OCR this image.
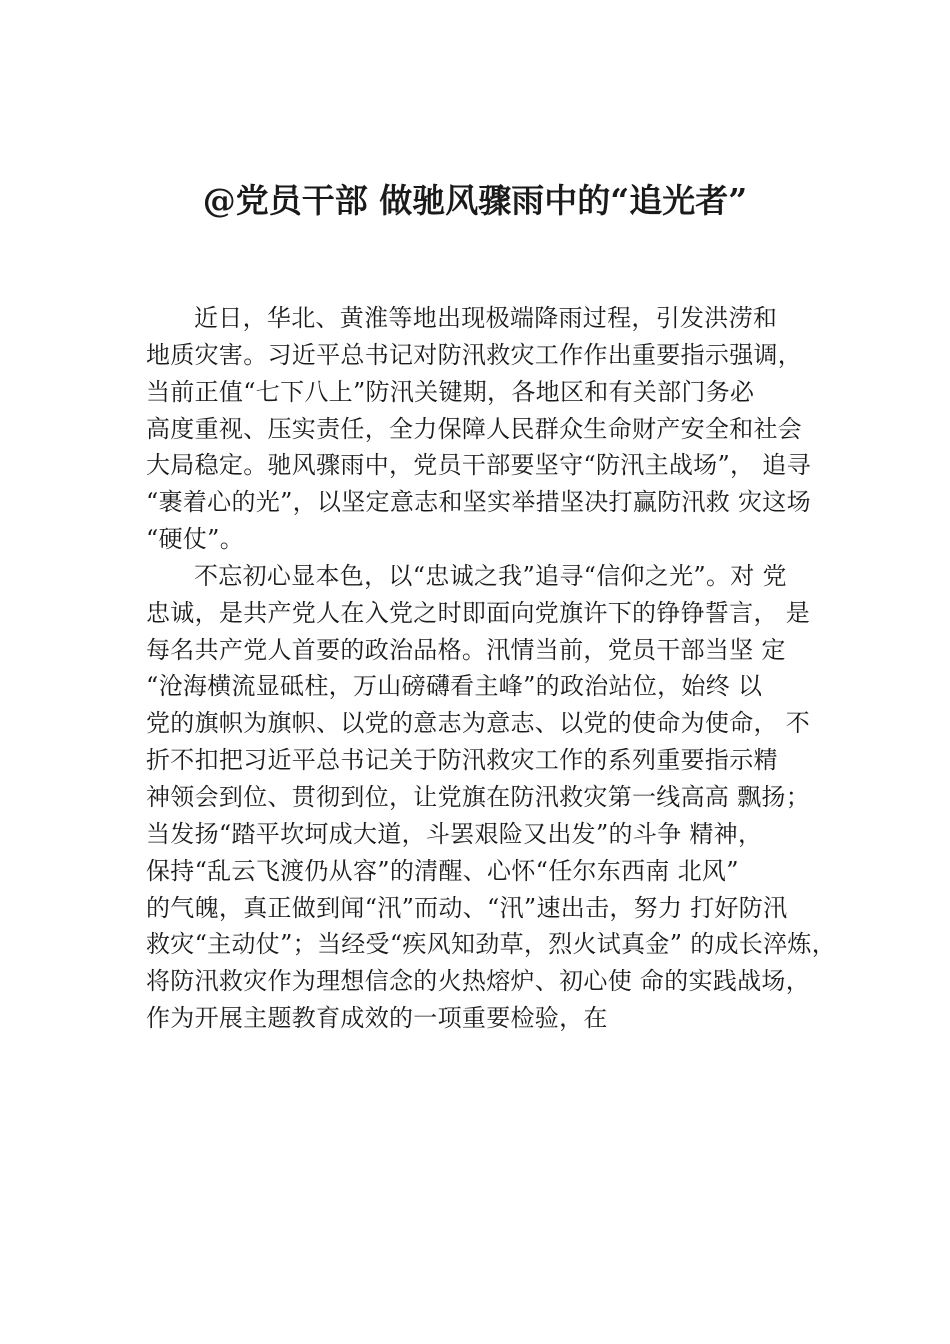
@党员干部 做驰风骤雨中的“追光者”
近日，华北、黄淮等地出现极端降雨过程，引发洪涝和
地质灾害。习近平总书记对防汛救灾工作作出重要指示强调，
当前正值“七下八上”防汛关键期，各地区和有关部门务必
高度重视、压实责任，全力保障人民群众生命财产安全和社会
大局稳定。驰风骤雨中，党员干部要坚守“防汛主战场”， 追寻
“裹着心的光”，以坚定意志和坚实举措坚决打赢防汛救 灾这场
“硬仗”。
不忘初心显本色，以“忠诚之我”追寻“信仰之光”。对 党
忠诚，是共产党人在入党之时即面向党旗许下的铮铮誓言， 是
每名共产党人首要的政治品格。汛情当前，党员干部当坚 定
“沧海横流显砥柱，万山磅礴看主峰”的政治站位，始终 以
党的旗帜为旗帜、以党的意志为意志、以党的使命为使命， 不
折不扣把习近平总书记关于防汛救灾工作的系列重要指示精
神领会到位、贯彻到位，让党旗在防汛救灾第一线高高 飘扬；
当发扬“踏平坎坷成大道，斗罢艰险又出发”的斗争 精神，
保持“乱云飞渡仍从容”的清醒、心怀“任尔东西南 北风”
的气魄，真正做到闻“汛”而动、“汛”速出击，努力 打好防汛
救灾“主动仗”；当经受“疾风知劲草，烈火试真金” 的成长淬炼，
将防汛救灾作为理想信念的火热熔炉、初心使 命的实践战场，
作为开展主题教育成效的一项重要检验，在
